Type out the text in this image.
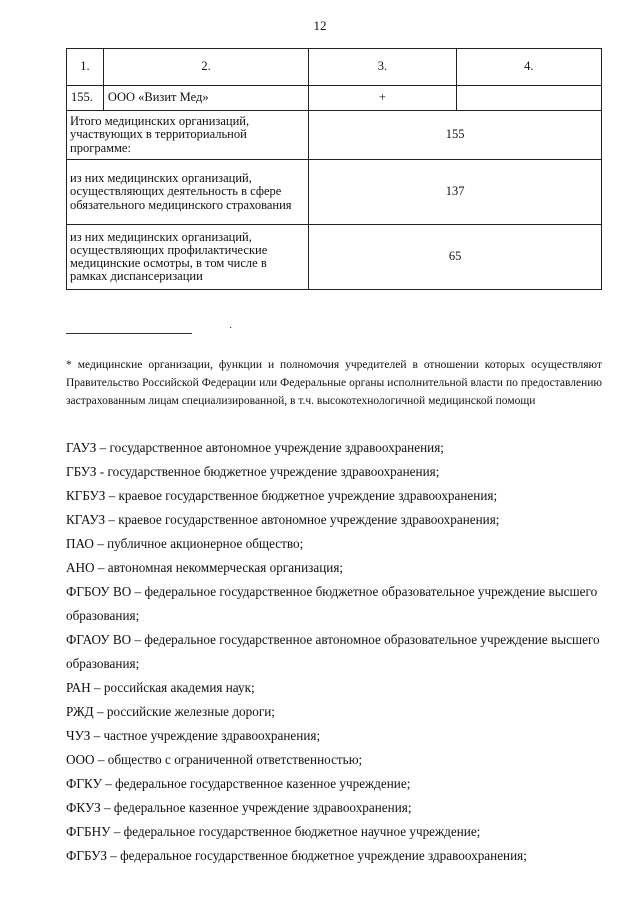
12
1.	2.	3.	4.
155.	ООО «Визит Мед»	+	
Итого медицинских организаций, участвующих в территориальной программе:		155	
из них медицинских организаций, осуществляющих деятельность в сфере обязательного медицинского страхования		137	
из них медицинских организаций, осуществляющих профилактические медицинские осмотры, в том числе в рамках диспансеризации		65	
·
* медицинские организации, функции и полномочия учредителей в отношении которых осуществляют Правительство Российской Федерации или Федеральные органы исполнительной власти по предоставлению застрахованным лицам специализированной, в т.ч. высокотехнологичной медицинской помощи
ГАУЗ – государственное автономное учреждение здравоохранения;
ГБУЗ - государственное бюджетное учреждение здравоохранения;
КГБУЗ – краевое государственное бюджетное учреждение здравоохранения;
КГАУЗ – краевое государственное автономное учреждение здравоохранения;
ПАО – публичное акционерное общество;
АНО – автономная некоммерческая организация;
ФГБОУ ВО – федеральное государственное бюджетное образовательное учреждение высшего образования;
ФГАОУ ВО – федеральное государственное автономное образовательное учреждение высшего образования;
РАН – российская академия наук;
РЖД – российские железные дороги;
ЧУЗ – частное учреждение здравоохранения;
ООО – общество с ограниченной ответственностью;
ФГКУ – федеральное государственное казенное учреждение;
ФКУЗ – федеральное казенное учреждение здравоохранения;
ФГБНУ – федеральное государственное бюджетное научное учреждение;
ФГБУЗ – федеральное государственное бюджетное учреждение здравоохранения;
